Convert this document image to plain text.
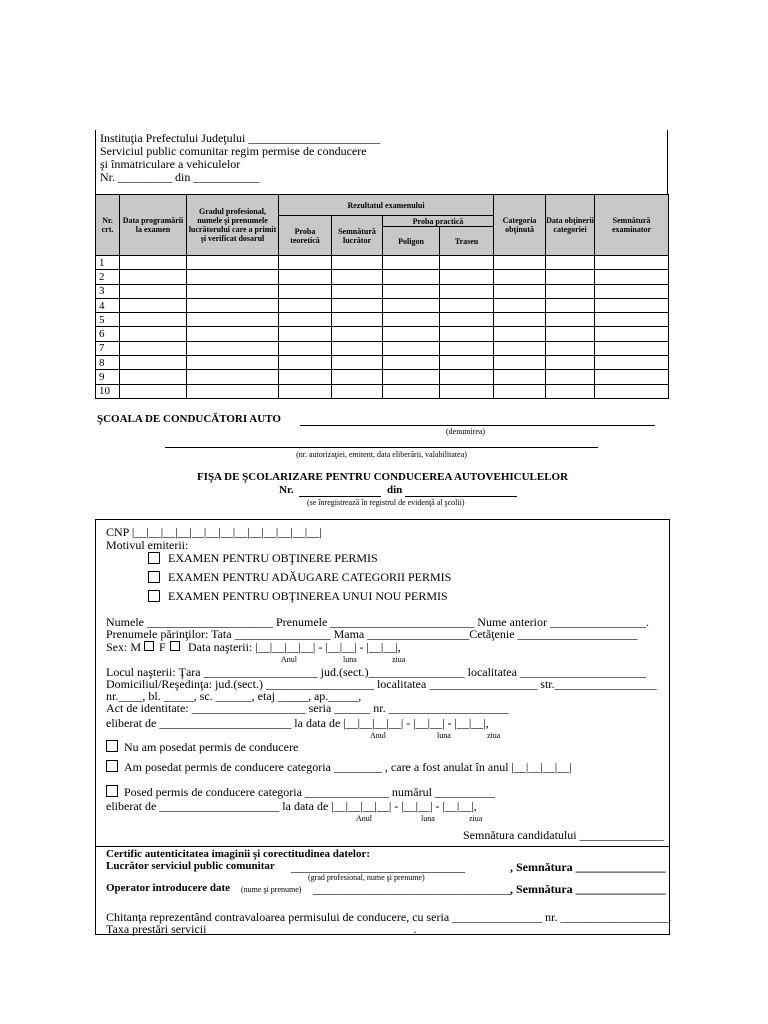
Instituţia Prefectului Judeţului ______________________
Serviciul public comunitar regim permise de conducere
şi înmatriculare a vehiculelor
Nr. _________ din ___________
Nr. crt.	Data programării la examen	Gradul profesional, numele şi prenumele lucrătorului care a primit şi verificat dosarul	Rezultatul examenului				Categoria obţinută	Data obţinerii categoriei	Semnătură examinator
			Proba teoretică	Semnătură lucrător	Proba practică				
					Poligon	Traseu			
1									
2									
3									
4									
5									
6									
7									
8									
9									
10									
ŞCOALA DE CONDUCĂTORI AUTO
(denumirea)
(nr. autorizaţiei, emitent, data eliberării, valabilitatea)
FIŞA DE ŞCOLARIZARE PENTRU CONDUCEREA AUTOVEHICULELOR
Nr.	din
(se înregistrează în registrul de evidenţă al şcolii)
CNP |__|__|__|__|__|__|__|__|__|__|__|__|__|
Motivul emiterii:
EXAMEN PENTRU OBŢINERE PERMIS
EXAMEN PENTRU ADĂUGARE CATEGORII PERMIS
EXAMEN PENTRU OBŢINEREA UNUI NOU PERMIS
Numele _____________________ Prenumele ________________________ Nume anterior ________________.
Prenumele părinţilor: Tata ________________ Mama _________________Cetăţenie ____________________
Sex: M F Data naşterii: |__|__|__|__| - |__|__| - |__|__|,
Anul	luna	ziua
Locul naşterii: Ţara ___________________ jud.(sect.)________________ localitatea _____________________
Domiciliul/Reşedinţa: jud.(sect.) __________________ localitatea __________________ str._________________
nr.____, bl. _____, sc. ______, etaj _____, ap._____,
Act de identitate: ___________________ seria ______ nr. ____________________
eliberat de ______________________ la data de |__|__|__|__| - |__|__| - |__|__|,
Anul	luna	ziua
Nu am posedat permis de conducere
Am posedat permis de conducere categoria ________ , care a fost anulat în anul |__|__|__|__|
Posed permis de conducere categoria ______________ numărul __________
eliberat de ____________________ la data de |__|__|__|__| - |__|__| - |__|__|,
Anul	luna	ziua
Semnătura candidatului ______________
Certific autenticitatea imaginii şi corectitudinea datelor:
Lucrător serviciul public comunitar _____________________________	, Semnătura _______________
(grad profesional, nume şi prenume)
Operator introducere date (nume şi prenume) _________________________________ , Semnătura _______________
Chitanţa reprezentând contravaloarea permisului de conducere, cu seria _______________ nr. __________________.
Taxa prestări servicii __________________________________.
